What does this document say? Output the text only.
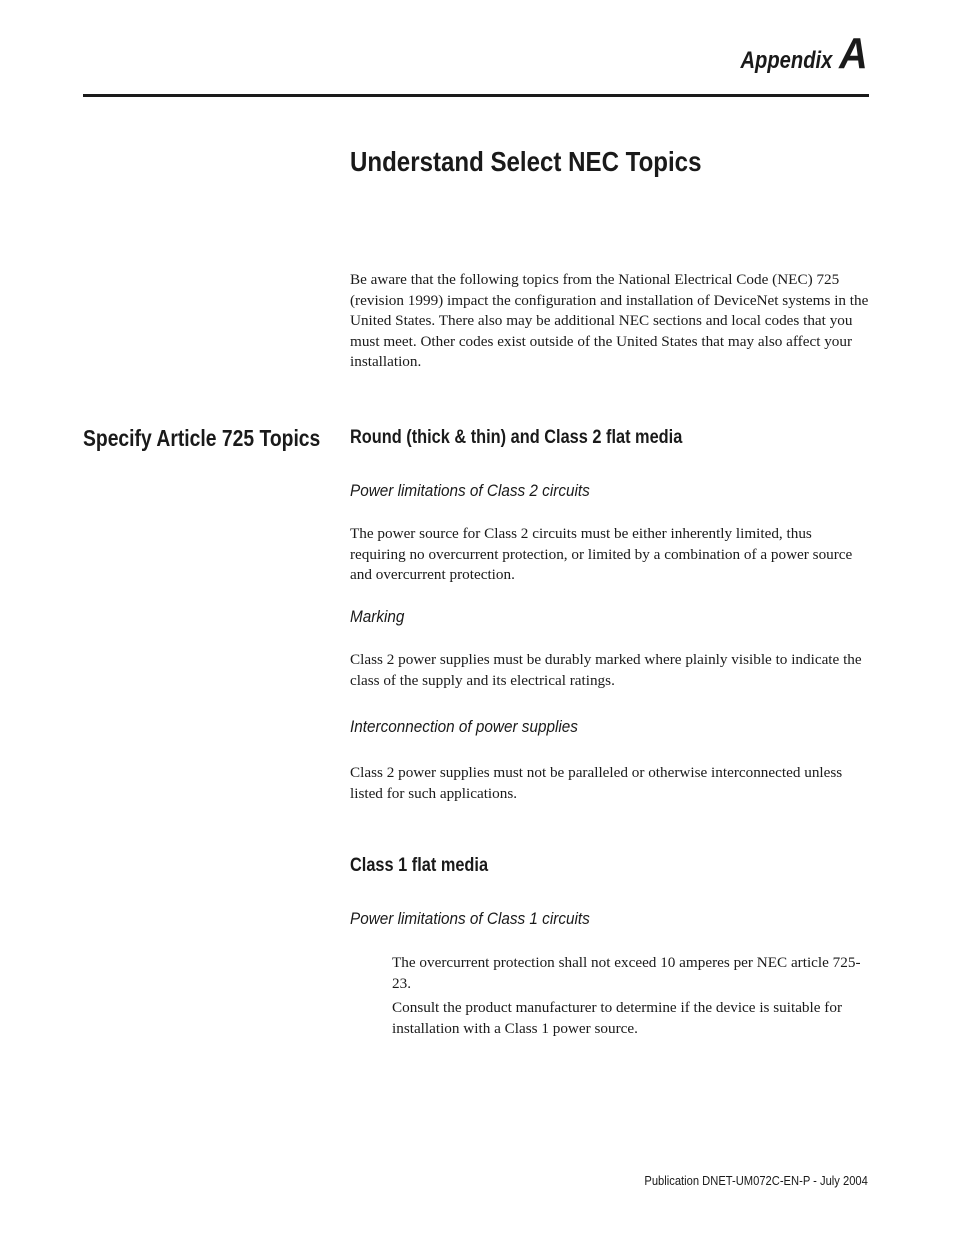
Appendix A
Understand Select NEC Topics
Be aware that the following topics from the National Electrical Code (NEC) 725 (revision 1999) impact the configuration and installation of DeviceNet systems in the United States. There also may be additional NEC sections and local codes that you must meet. Other codes exist outside of the United States that may also affect your installation.
Specify Article 725 Topics Round (thick & thin) and Class 2 flat media
Power limitations of Class 2 circuits
The power source for Class 2 circuits must be either inherently limited, thus requiring no overcurrent protection, or limited by a combination of a power source and overcurrent protection.
Marking
Class 2 power supplies must be durably marked where plainly visible to indicate the class of the supply and its electrical ratings.
Interconnection of power supplies
Class 2 power supplies must not be paralleled or otherwise interconnected unless listed for such applications.
Class 1 flat media
Power limitations of Class 1 circuits
The overcurrent protection shall not exceed 10 amperes per NEC article 725-23.
Consult the product manufacturer to determine if the device is suitable for installation with a Class 1 power source.
Publication DNET-UM072C-EN-P - July 2004
